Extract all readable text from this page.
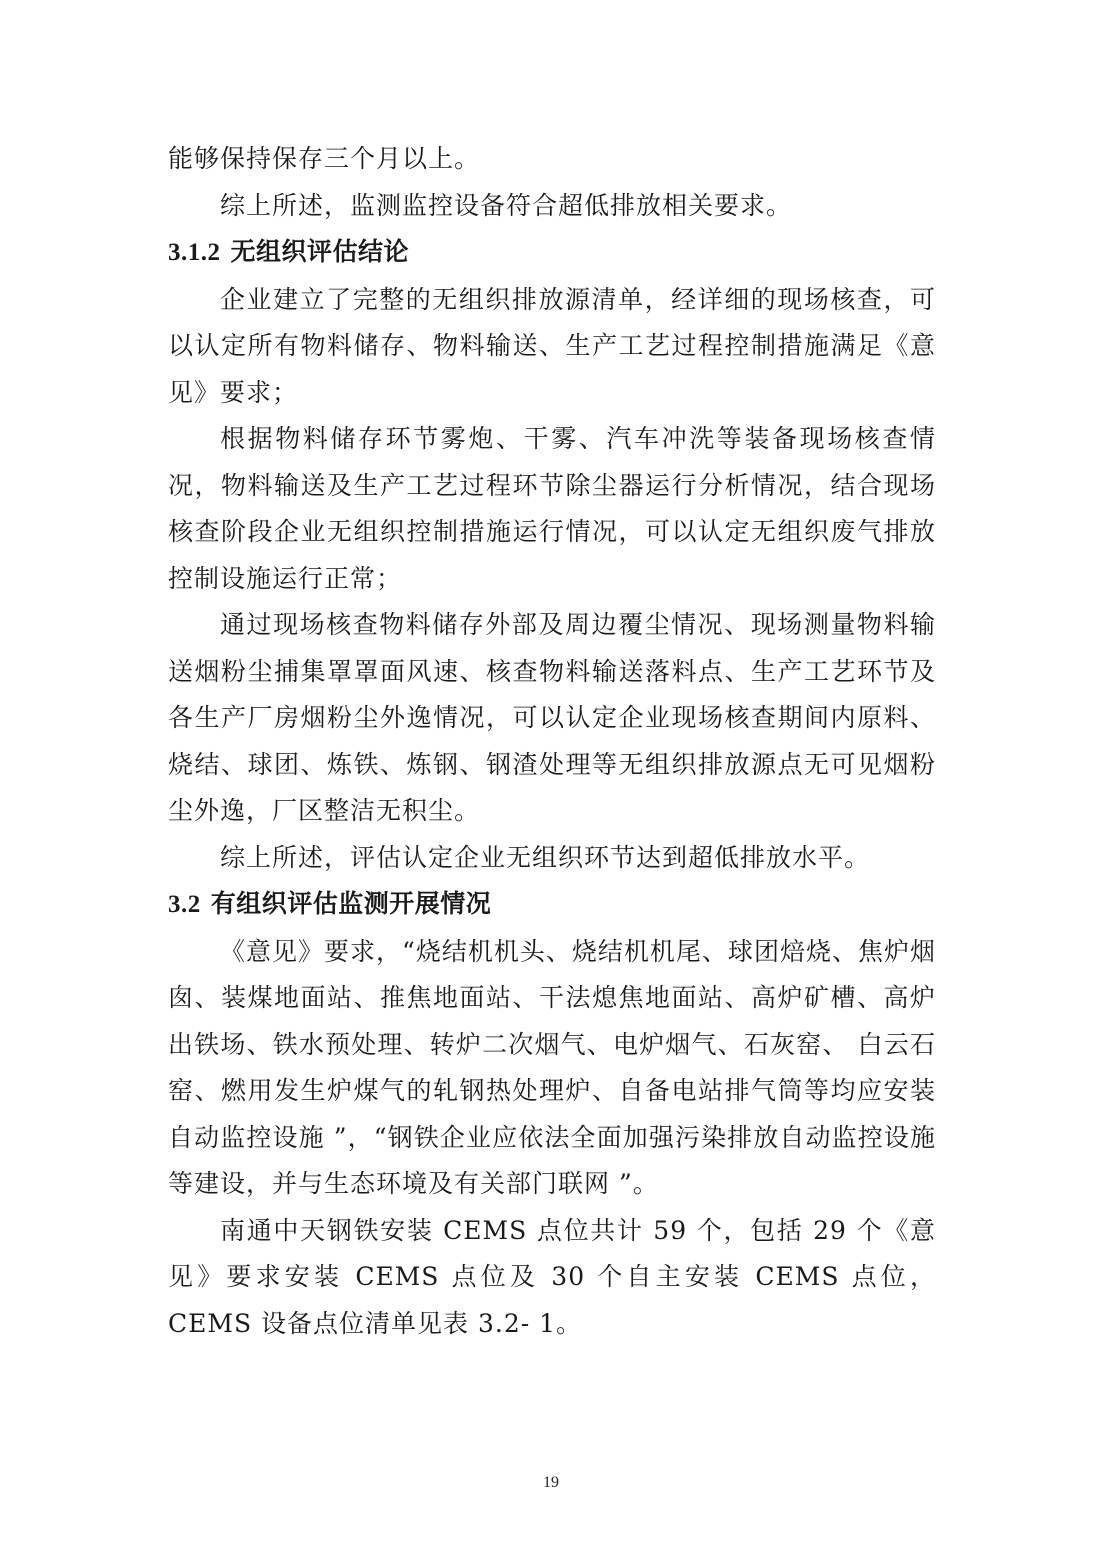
能够保持保存三个月以上。

综上所述，监测监控设备符合超低排放相关要求。

3.1.2 无组织评估结论

企业建立了完整的无组织排放源清单，经详细的现场核查，可以认定所有物料储存、物料输送、生产工艺过程控制措施满足《意见》要求；

根据物料储存环节雾炮、干雾、汽车冲洗等装备现场核查情况，物料输送及生产工艺过程环节除尘器运行分析情况，结合现场核查阶段企业无组织控制措施运行情况，可以认定无组织废气排放控制设施运行正常；

通过现场核查物料储存外部及周边覆尘情况、现场测量物料输送烟粉尘捕集罩罩面风速、核查物料输送落料点、生产工艺环节及各生产厂房烟粉尘外逸情况，可以认定企业现场核查期间内原料、烧结、球团、炼铁、炼钢、钢渣处理等无组织排放源点无可见烟粉尘外逸，厂区整洁无积尘。

综上所述，评估认定企业无组织环节达到超低排放水平。

3.2 有组织评估监测开展情况

《意见》要求，“烧结机机头、烧结机机尾、球团焙烧、焦炉烟囱、装煤地面站、推焦地面站、干法熄焦地面站、高炉矿槽、高炉出铁场、铁水预处理、转炉二次烟气、电炉烟气、石灰窑、 白云石窑、燃用发生炉煤气的轧钢热处理炉、自备电站排气筒等均应安装自动监控设施 ”，“钢铁企业应依法全面加强污染排放自动监控设施等建设，并与生态环境及有关部门联网 ”。

南通中天钢铁安装 CEMS 点位共计 59 个，包括 29 个《意见》要求安装 CEMS 点位及 30 个自主安装 CEMS 点位，CEMS 设备点位清单见表 3.2- 1。

19
